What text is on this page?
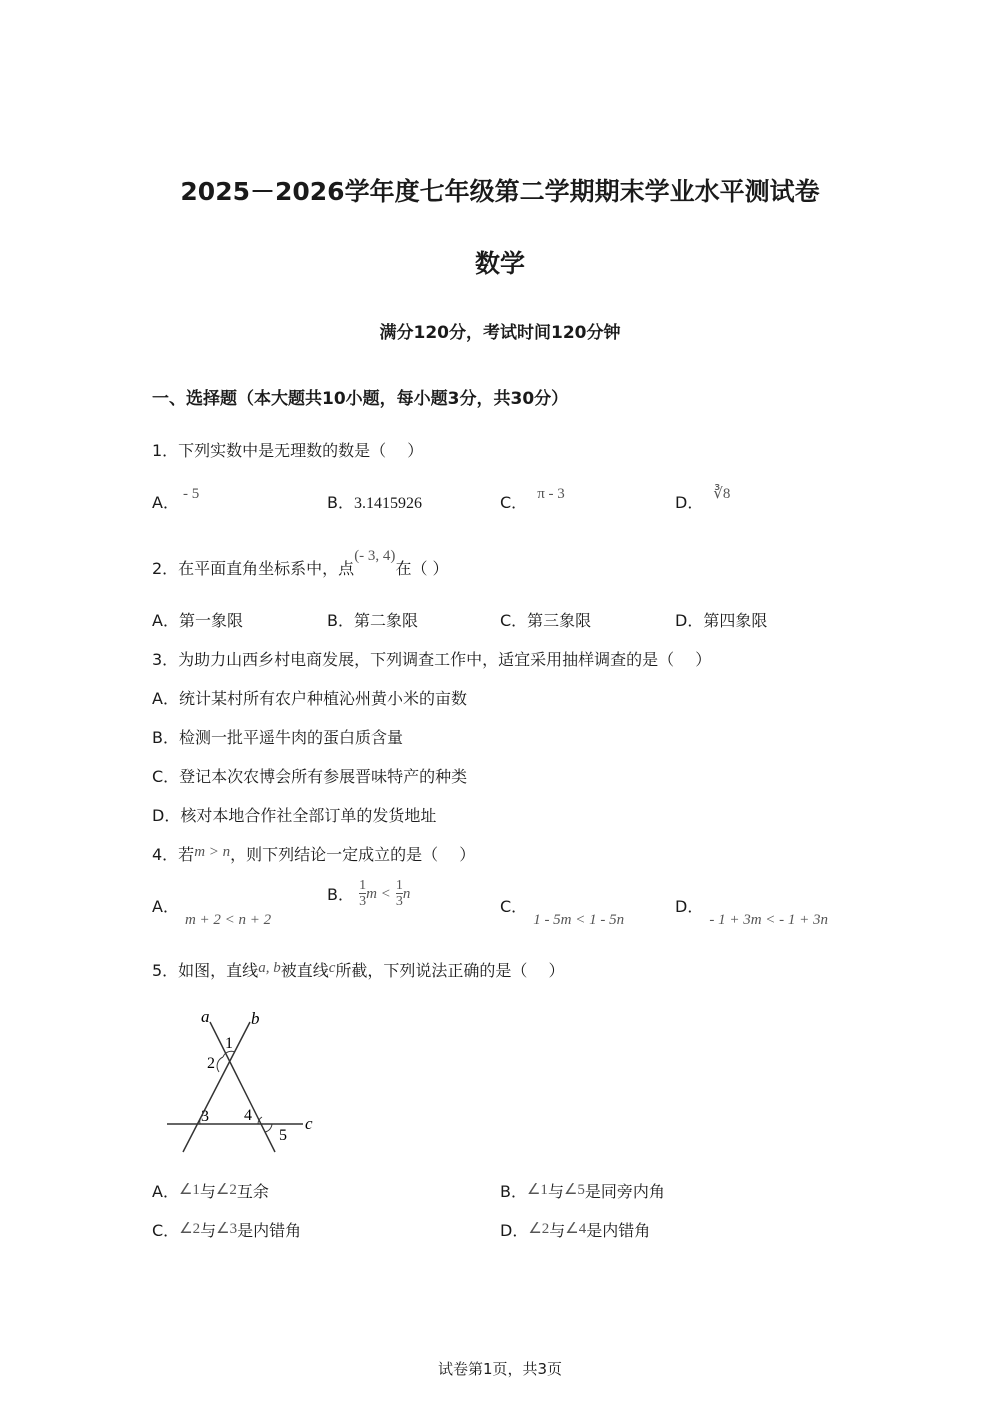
2025－2026学年度七年级第二学期期末学业水平测试卷
数学
满分120分，考试时间120分钟
一、选择题（本大题共10小题，每小题3分，共30分）
1．下列实数中是无理数的数是（　 ）
A． - 5	B．3.1415926	C． π - 3	D． ∛8
2．在平面直角坐标系中，点(- 3, 4)在（ ）
A．第一象限	B．第二象限	C．第三象限	D．第四象限
3．为助力山西乡村电商发展，下列调查工作中，适宜采用抽样调查的是（　 ）
A．统计某村所有农户种植沁州黄小米的亩数
B．检测一批平遥牛肉的蛋白质含量
C．登记本次农博会所有参展晋味特产的种类
D．核对本地合作社全部订单的发货地址
4．若m > n，则下列结论一定成立的是（　 ）
A．m + 2 < n + 2
B． $\frac{1}{3}$ $m < \frac{1}{3}$ n
C．1 - 5m < 1 - 5n
D．- 1 + 3m < - 1 + 3n
5．如图，直线a, b被直线c所截，下列说法正确的是（　 ）
a b
c
1
2
3 4
5
A．∠1与∠2互余	B．∠1与∠5是同旁内角
C．∠2与∠3是内错角	D．∠2与∠4是内错角
试卷第1页，共3页
